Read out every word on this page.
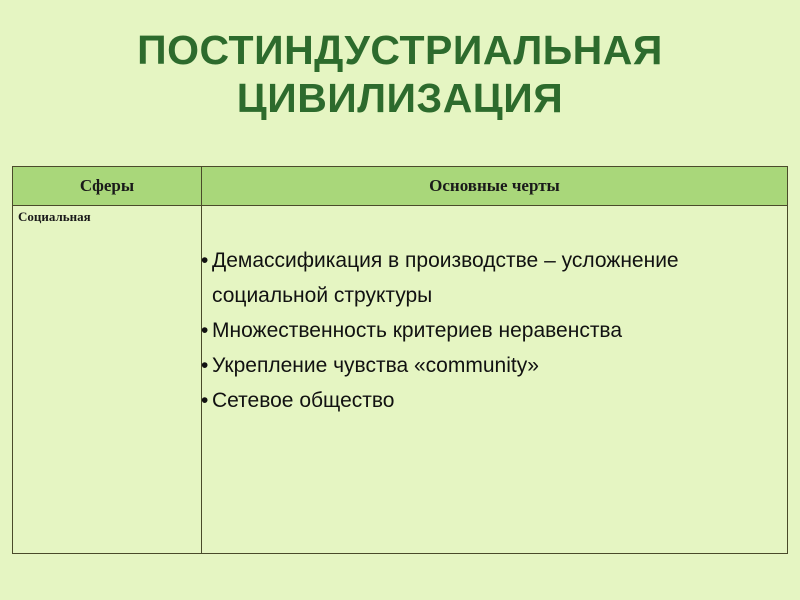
ПОСТИНДУСТРИАЛЬНАЯ
ЦИВИЛИЗАЦИЯ
Сферы	Основные черты
Социальная
• Демассификация в производстве – усложнение социальной структуры
• Множественность критериев неравенства
• Укрепление чувства «community»
• Сетевое общество
